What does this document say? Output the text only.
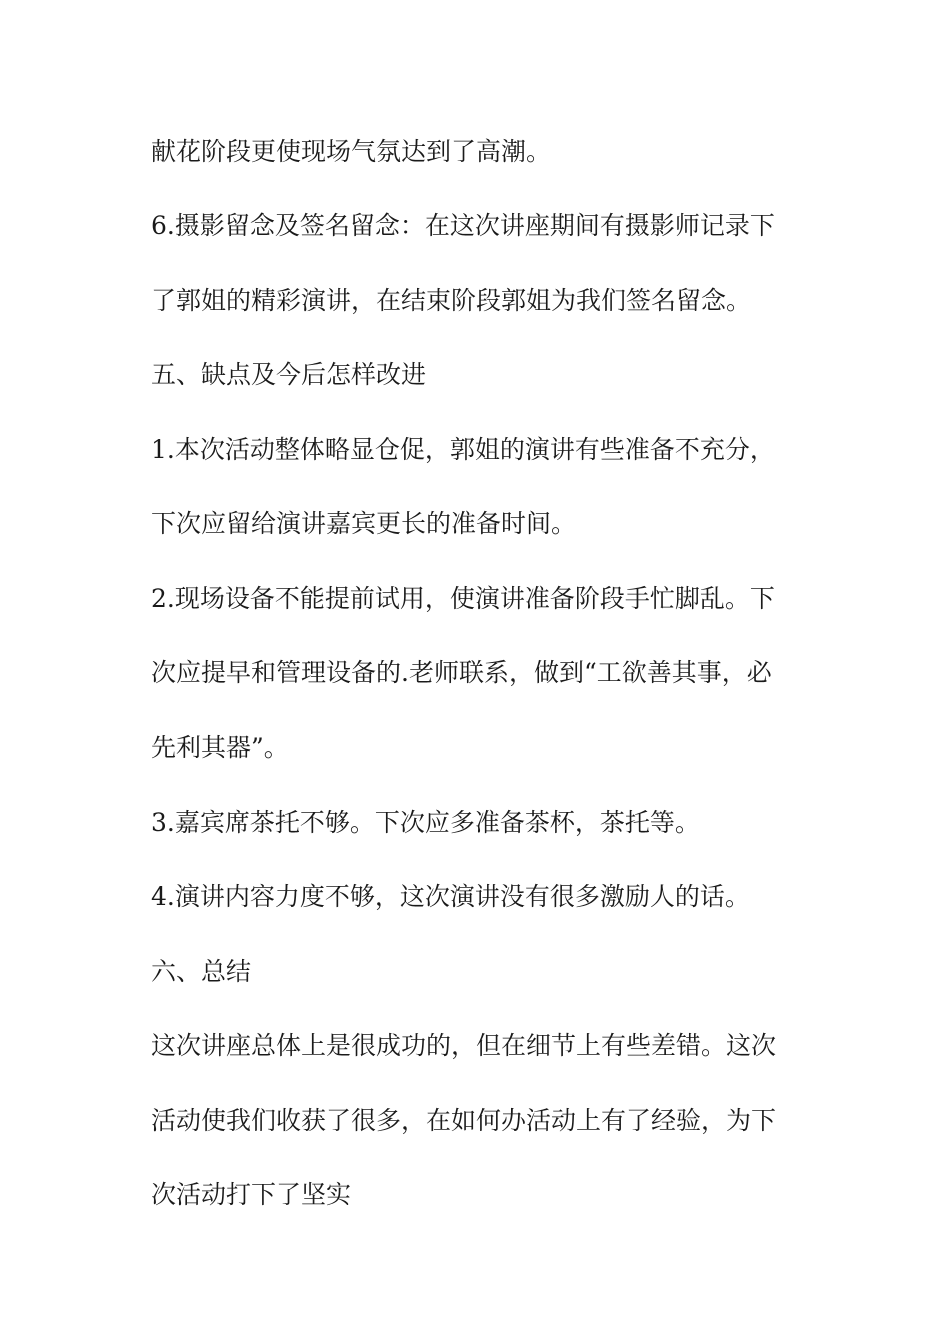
献花阶段更使现场气氛达到了高潮。
6.摄影留念及签名留念：在这次讲座期间有摄影师记录下
了郭姐的精彩演讲，在结束阶段郭姐为我们签名留念。
五、缺点及今后怎样改进
1.本次活动整体略显仓促，郭姐的演讲有些准备不充分，
下次应留给演讲嘉宾更长的准备时间。
2.现场设备不能提前试用，使演讲准备阶段手忙脚乱。下
次应提早和管理设备的.老师联系，做到“工欲善其事，必
先利其器”。
3.嘉宾席茶托不够。下次应多准备茶杯，茶托等。
4.演讲内容力度不够，这次演讲没有很多激励人的话。
六、总结
这次讲座总体上是很成功的，但在细节上有些差错。这次
活动使我们收获了很多，在如何办活动上有了经验，为下
次活动打下了坚实
